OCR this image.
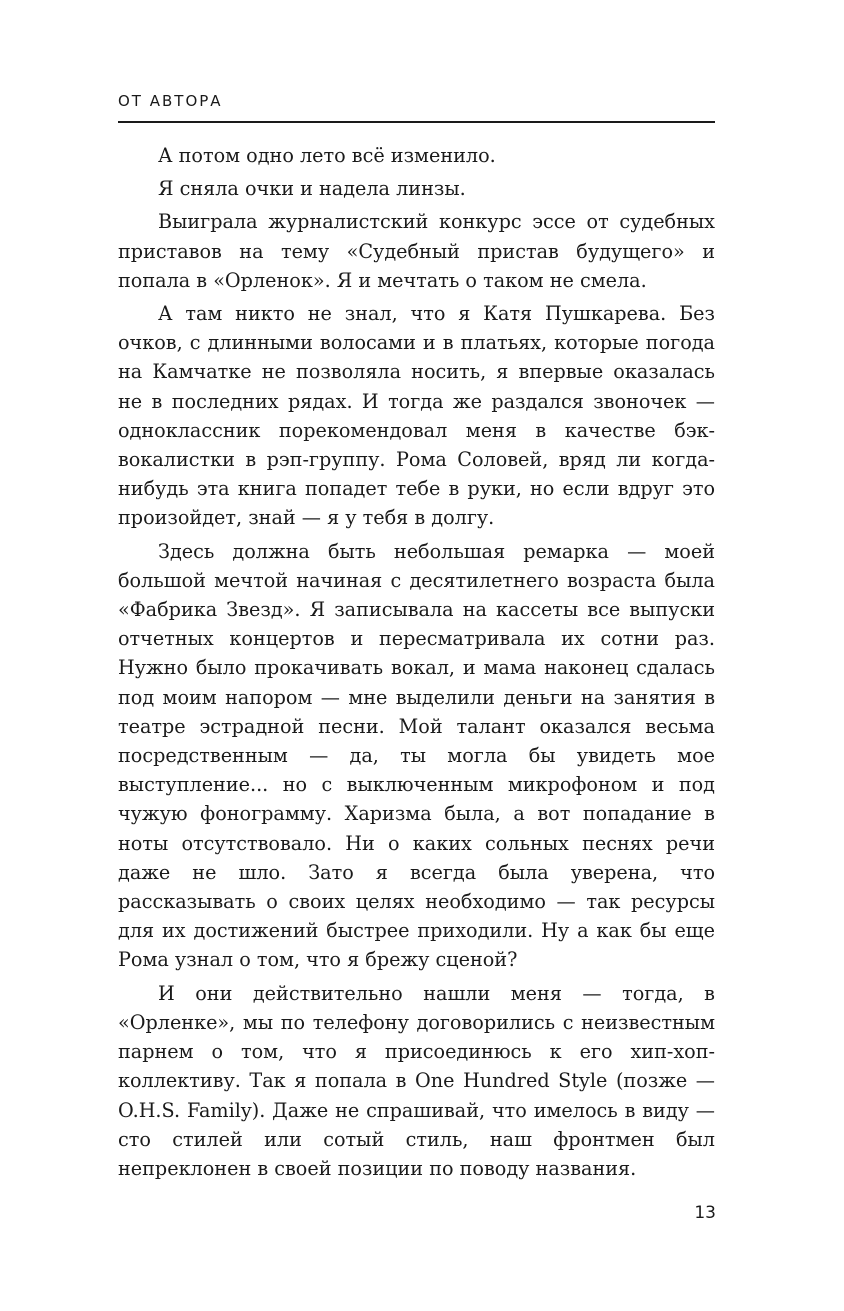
ОТ АВТОРА

А потом одно лето всё изменило.

Я сняла очки и надела линзы.

Выиграла журналистский конкурс эссе от судебных приставов на тему «Судебный пристав будущего» и попала в «Орленок». Я и мечтать о таком не смела.

А там никто не знал, что я Катя Пушкарева. Без очков, с длинными волосами и в платьях, которые погода на Камчатке не позволяла носить, я впервые оказалась не в последних рядах. И тогда же раздался звоночек — одноклассник порекомендовал меня в качестве бэк-вокалистки в рэп-группу. Рома Соловей, вряд ли когда-нибудь эта книга попадет тебе в руки, но если вдруг это произойдет, знай — я у тебя в долгу.

Здесь должна быть небольшая ремарка — моей большой мечтой начиная с десятилетнего возраста была «Фабрика Звезд». Я записывала на кассеты все выпуски отчетных концертов и пересматривала их сотни раз. Нужно было прокачивать вокал, и мама наконец сдалась под моим напором — мне выделили деньги на занятия в театре эстрадной песни. Мой талант оказался весьма посредственным — да, ты могла бы увидеть мое выступление... но с выключенным микрофоном и под чужую фонограмму. Харизма была, а вот попадание в ноты отсутствовало. Ни о каких сольных песнях речи даже не шло. Зато я всегда была уверена, что рассказывать о своих целях необходимо — так ресурсы для их достижений быстрее приходили. Ну а как бы еще Рома узнал о том, что я брежу сценой?

И они действительно нашли меня — тогда, в «Орленке», мы по телефону договорились с неизвестным парнем о том, что я присоединюсь к его хип-хоп-коллективу. Так я попала в One Hundred Style (позже — O.H.S. Family). Даже не спрашивай, что имелось в виду — сто стилей или сотый стиль, наш фронтмен был непреклонен в своей позиции по поводу названия.

13
